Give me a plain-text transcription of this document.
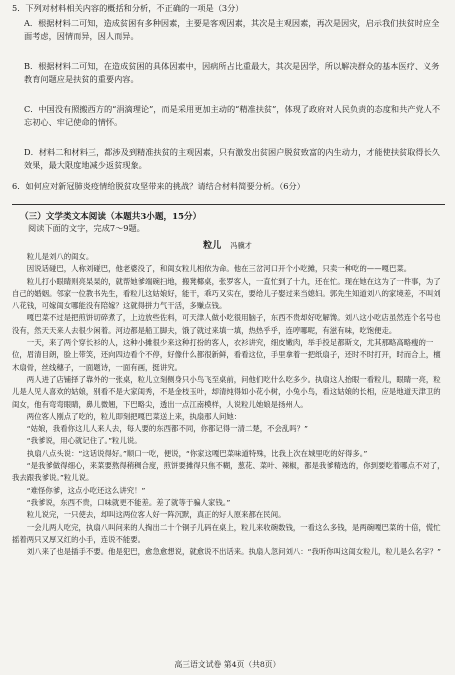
5．下列对材料相关内容的概括和分析，不正确的一项是（3分）
A．根据材料二可知，造成贫困有多种因素，主要是客观因素，其次是主观因素，再次是因灾，启示我们扶贫时应全面考虑，因情而异，因人而异。
B．根据材料二可知，在造成贫困的具体因素中，因病所占比重最大，其次是因学，所以解决群众的基本医疗、义务教育问题应是扶贫的重要内容。
C．中国没有照搬西方的“涓滴理论”，而是采用更加主动的“精准扶贫”，体现了政府对人民负责的态度和共产党人不忘初心、牢记使命的情怀。
D．材料二和材料三，都涉及到精准扶贫的主观因素，只有激发出贫困户脱贫致富的内生动力，才能使扶贫取得长久效果，最大限度地减少返贫现象。
6．如何应对新冠肺炎疫情给脱贫攻坚带来的挑战？请结合材料简要分析。（6分）
（三）文学类文本阅读（本题共3小题，15分）
阅读下面的文字，完成7～9题。
粒儿 冯骥才

粒儿是刘八的闺女。

因说话碰巴，人称刘碰巴，他老婆没了，和闺女粒儿相依为命。他在三岔河口开个小吃摊，只卖一种吃的——嘎巴菜。

粒儿打小眼睛则亮杲杲的，就帮她爹端碗扫地，搬凳椰桌，张罗客人，一直忙到了十九，还在忙。现在她在这为了一件事，为了自己的婚姻。邻家一位教书先生，看粒儿这姑娘好，能干，乖巧又实在，要给儿子娶过来当媳妇。郭先生知道刘八的家境差，不叫刘八花钱，可嫁闺女哪能没有陪嫁？这就得拼力气干活，多赚点钱。

嘎巴菜不过是把煎饼切碎煮了，上边放些佐料，可天津人做小吃很用脑子，东西不贵却好吃解馋。刘八这小吃店虽然连个名号也没有，然天天来人去很少闲着。河边都是船工脚夫，饿了就过来填一填，热热乎乎，连哼哪呢，有滋有味，吃饱便走。

一天，来了两个穿长衫的人，这种小摊很少来这种打扮的客人，衣衫讲究，细皮嫩肉，举手投足都斯文，尤其那略高略瘦的一位，眉清目朗，脸上带笑，还向四边看个不停，好像什么都很新鲜，看看这位，手里拿着一把纸扇子，还时不时打开，时而合上，檀木扇骨，丝线穗子，一面题诗，一面有画，挺讲究。

两人进了店铺择了靠外的一张桌，粒儿立刻侧身只小鸟飞至桌前，问他们吃什么吃多少。执扇这人抬眼一看粒儿，眼睛一亮，粒儿是人见人喜欢的姑娘，别看不是大家闺秀，不是金枝玉叶，却清纯得如小花小树，小兔小鸟，看这姑娘的长相，应是地道天津卫的闺女，他有弯弯眼睛，鼻儿微翘，下巴略尖，透出一点江南模样，人说粒儿她娘是扬州人。

两位客人刚点了吃的，粒儿即刻把嘎巴菜送上来，执扇那人问她：

“姑娘，我看你这儿人来人去，每人要的东西都不同，你都记得一清二楚，不会乱吗？”

“我爹说，用心就记住了。”粒儿说。

执扇八点头说：“这话说得好。”顺口一吃，便说，“你家这嘎巴菜味道特殊，比我上次在城里吃的好得多。”

“是我爹做得细心，来菜要熬得稍稠合度，煎饼要摊得只焦不糊，葱花、菜叶、辣椒，都是我爹精选的，你到要吃着哪点不对了，我去跟我爹说。”粒儿说。

“难怪你爹，这点小吃还这么讲究！”

“我爹说，东西不贵，口味就更不能差。差了就等于骗人家钱。”

粒儿说完，一只使去，却叫这两位客人好一阵沉默，真正的好人原来都在民间。

一会儿两人吃完，执扇八叫问来的人掏出二十个铜子儿码在桌上，粒儿来收碗数钱，一看这么多钱，是两碗嘎巴菜的十倍，慌忙摇着两只又厚又红的小手，连说不能要。

刘八来了也是插手不要。他是犯巴，愈急愈想说，就愈说不出话来。执扇人忽问刘八：“我听你叫这闺女粒儿，粒儿是么名字？”

高三语文试卷 第4页（共8页）
